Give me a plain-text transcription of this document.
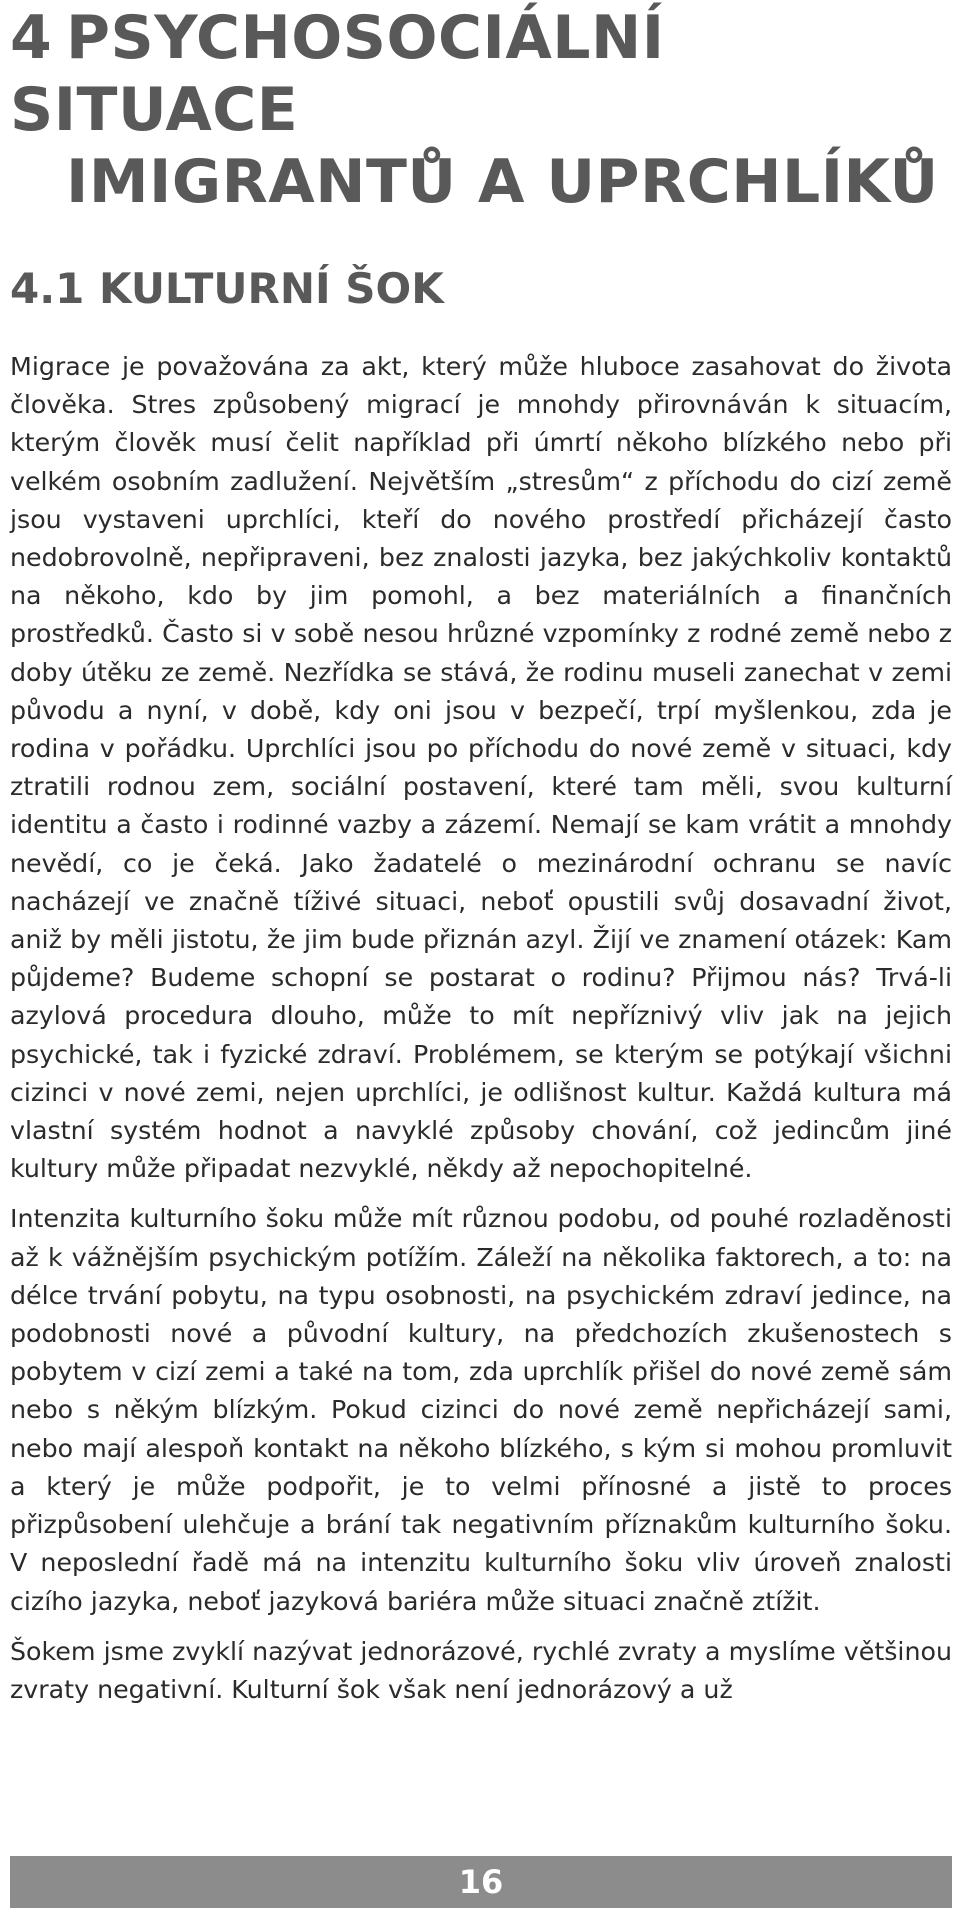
4 PSYCHOSOCIÁLNÍ SITUACE
IMIGRANTŮ A UPRCHLÍKŮ
4.1 KULTURNÍ ŠOK

Migrace je považována za akt, který může hluboce zasahovat do života člověka. Stres způsobený migrací je mnohdy přirovnáván k situacím, kterým člověk musí čelit například při úmrtí někoho blízkého nebo při velkém osobním zadlužení. Největším „stresům“ z příchodu do cizí země jsou vystaveni uprchlíci, kteří do nového prostředí přicházejí často nedobrovolně, nepřipraveni, bez znalosti jazyka, bez jakýchkoliv kontaktů na někoho, kdo by jim pomohl, a bez materiálních a finančních prostředků. Často si v sobě nesou hrůzné vzpomínky z rodné země nebo z doby útěku ze země. Nezřídka se stává, že rodinu museli zanechat v zemi původu a nyní, v době, kdy oni jsou v bezpečí, trpí myšlenkou, zda je rodina v pořádku. Uprchlíci jsou po příchodu do nové země v situaci, kdy ztratili rodnou zem, sociální postavení, které tam měli, svou kulturní identitu a často i rodinné vazby a zázemí. Nemají se kam vrátit a mnohdy nevědí, co je čeká. Jako žadatelé o mezinárodní ochranu se navíc nacházejí ve značně tíživé situaci, neboť opustili svůj dosavadní život, aniž by měli jistotu, že jim bude přiznán azyl. Žijí ve znamení otázek: Kam půjdeme? Budeme schopní se postarat o rodinu? Přijmou nás? Trvá-li azylová procedura dlouho, může to mít nepříznivý vliv jak na jejich psychické, tak i fyzické zdraví. Problémem, se kterým se potýkají všichni cizinci v nové zemi, nejen uprchlíci, je odlišnost kultur. Každá kultura má vlastní systém hodnot a navyklé způsoby chování, což jedincům jiné kultury může připadat nezvyklé, někdy až nepochopitelné.

Intenzita kulturního šoku může mít různou podobu, od pouhé rozladěnosti až k vážnějším psychickým potížím. Záleží na několika faktorech, a to: na délce trvání pobytu, na typu osobnosti, na psychickém zdraví jedince, na podobnosti nové a původní kultury, na předchozích zkušenostech s pobytem v cizí zemi a také na tom, zda uprchlík přišel do nové země sám nebo s někým blízkým. Pokud cizinci do nové země nepřicházejí sami, nebo mají alespoň kontakt na někoho blízkého, s kým si mohou promluvit a který je může podpořit, je to velmi přínosné a jistě to proces přizpůsobení ulehčuje a brání tak negativním příznakům kulturního šoku. V neposlední řadě má na intenzitu kulturního šoku vliv úroveň znalosti cizího jazyka, neboť jazyková bariéra může situaci značně ztížit.

Šokem jsme zvyklí nazývat jednorázové, rychlé zvraty a myslíme většinou zvraty negativní. Kulturní šok však není jednorázový a už

16
